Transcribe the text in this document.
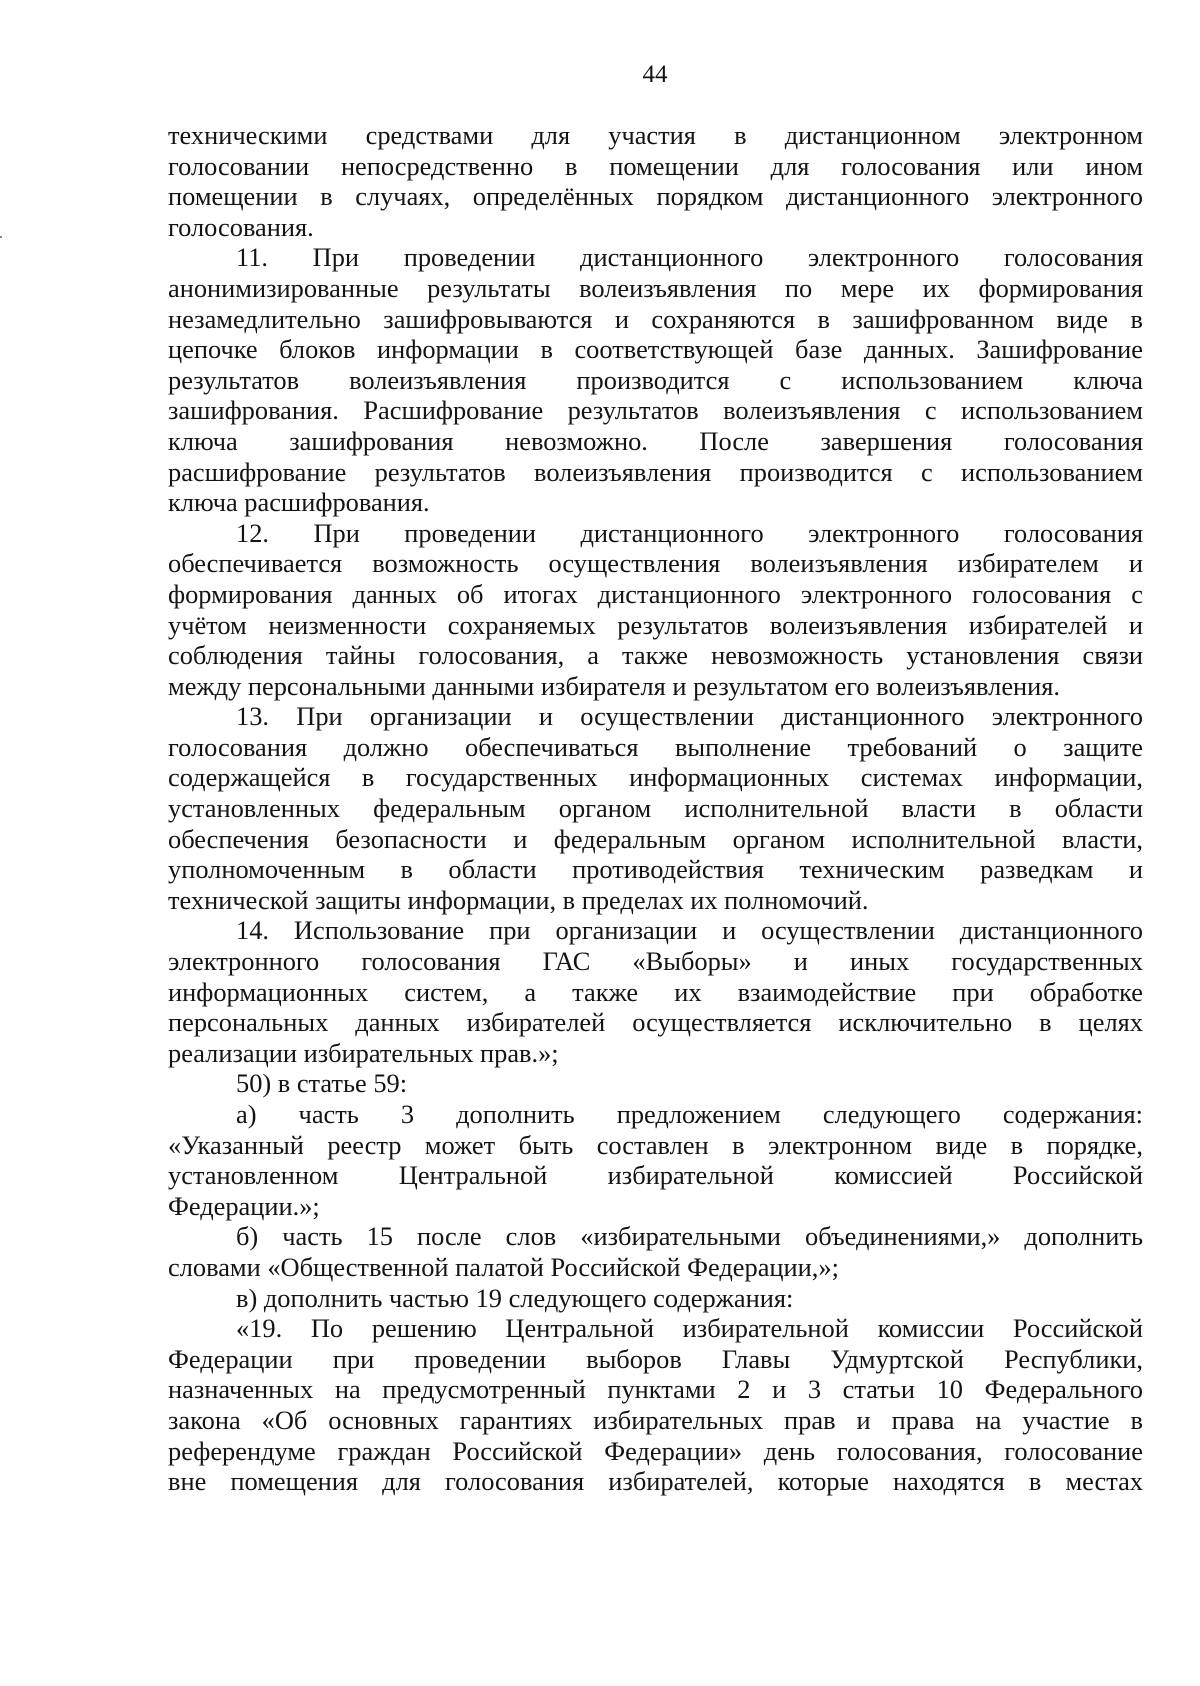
44

техническими средствами для участия в дистанционном электронном
голосовании непосредственно в помещении для голосования или ином
помещении в случаях, определённых порядком дистанционного электронного
голосования.

11. При проведении дистанционного электронного голосования
анонимизированные результаты волеизъявления по мере их формирования
незамедлительно зашифровываются и сохраняются в зашифрованном виде в
цепочке блоков информации в соответствующей базе данных. Зашифрование
результатов волеизъявления производится с использованием ключа
зашифрования. Расшифрование результатов волеизъявления с использованием
ключа зашифрования невозможно. После завершения голосования
расшифрование результатов волеизъявления производится с использованием
ключа расшифрования.

12. При проведении дистанционного электронного голосования
обеспечивается возможность осуществления волеизъявления избирателем и
формирования данных об итогах дистанционного электронного голосования с
учётом неизменности сохраняемых результатов волеизъявления избирателей и
соблюдения тайны голосования, а также невозможность установления связи
между персональными данными избирателя и результатом его волеизъявления.

13. При организации и осуществлении дистанционного электронного
голосования должно обеспечиваться выполнение требований о защите
содержащейся в государственных информационных системах информации,
установленных федеральным органом исполнительной власти в области
обеспечения безопасности и федеральным органом исполнительной власти,
уполномоченным в области противодействия техническим разведкам и
технической защиты информации, в пределах их полномочий.

14. Использование при организации и осуществлении дистанционного
электронного голосования ГАС «Выборы» и иных государственных
информационных систем, а также их взаимодействие при обработке
персональных данных избирателей осуществляется исключительно в целях
реализации избирательных прав.»;

50) в статье 59:

а) часть 3 дополнить предложением следующего содержания:
«Указанный реестр может быть составлен в электронном виде в порядке,
установленном Центральной избирательной комиссией Российской
Федерации.»;

б) часть 15 после слов «избирательными объединениями,» дополнить
словами «Общественной палатой Российской Федерации,»;

в) дополнить частью 19 следующего содержания:

«19. По решению Центральной избирательной комиссии Российской
Федерации при проведении выборов Главы Удмуртской Республики,
назначенных на предусмотренный пунктами 2 и 3 статьи 10 Федерального
закона «Об основных гарантиях избирательных прав и права на участие в
референдуме граждан Российской Федерации» день голосования, голосование
вне помещения для голосования избирателей, которые находятся в местах
